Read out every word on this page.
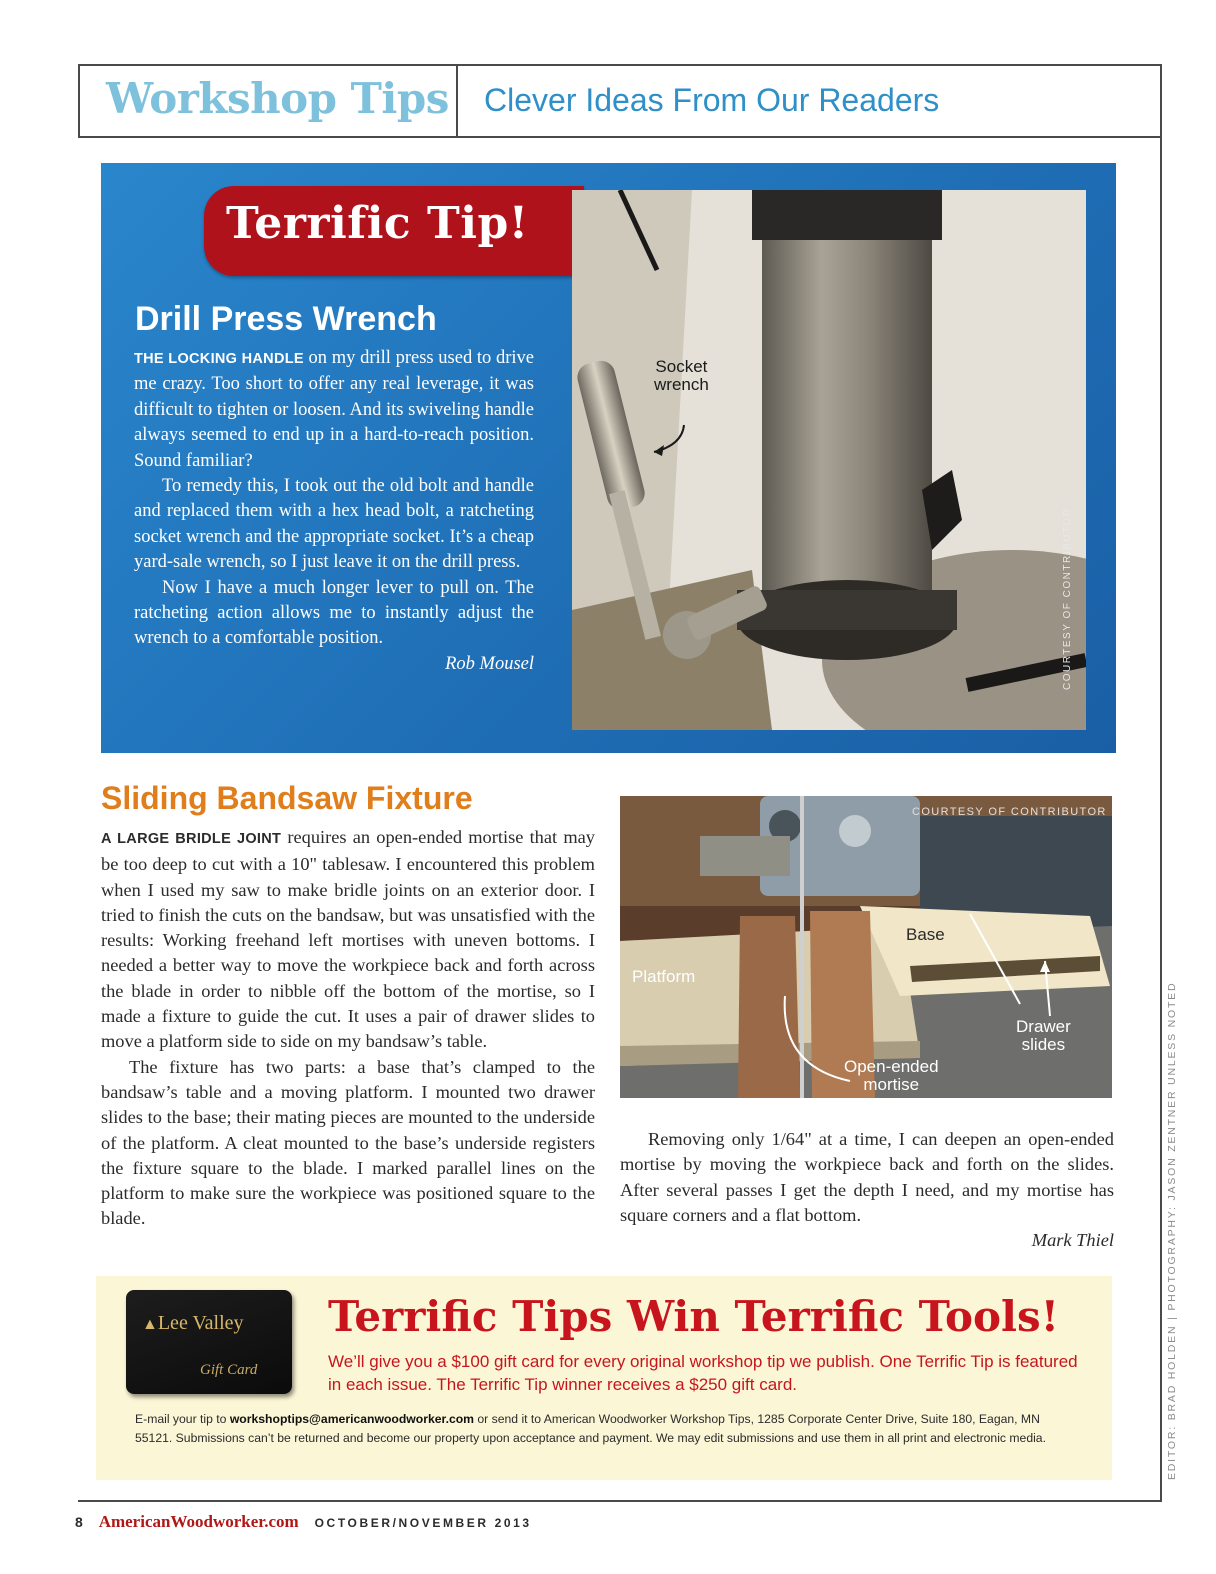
Workshop Tips Clever Ideas From Our Readers
Terrific Tip!
Drill Press Wrench

THE LOCKING HANDLE on my drill press used to drive me crazy. Too short to offer any real leverage, it was difficult to tighten or loosen. And its swiveling handle always seemed to end up in a hard-to-reach position. Sound familiar?

To remedy this, I took out the old bolt and handle and replaced them with a hex head bolt, a ratcheting socket wrench and the appropriate socket. It’s a cheap yard-sale wrench, so I just leave it on the drill press.

Now I have a much longer lever to pull on. The ratcheting action allows me to instantly adjust the wrench to a comfortable position.

Rob Mousel
Socket
wrench
COURTESY OF CONTRIBUTOR
Sliding Bandsaw Fixture

A LARGE BRIDLE JOINT requires an open-ended mortise that may be too deep to cut with a 10" tablesaw. I encountered this problem when I used my saw to make bridle joints on an exterior door. I tried to finish the cuts on the bandsaw, but was unsatisfied with the results: Working freehand left mortises with uneven bottoms. I needed a better way to move the workpiece back and forth across the blade in order to nibble off the bottom of the mortise, so I made a fixture to guide the cut. It uses a pair of drawer slides to move a platform side to side on my bandsaw’s table.

The fixture has two parts: a base that’s clamped to the bandsaw’s table and a moving platform. I mounted two drawer slides to the base; their mating pieces are mounted to the underside of the platform. A cleat mounted to the base’s underside registers the fixture square to the blade. I marked parallel lines on the platform to make sure the workpiece was positioned square to the blade.

Base
Platform
Drawer
slides
Open-ended
mortise
COURTESY OF CONTRIBUTOR

Removing only 1/64" at a time, I can deepen an open-ended mortise by moving the workpiece back and forth on the slides. After several passes I get the depth I need, and my mortise has square corners and a flat bottom.

Mark Thiel
▲Lee Valley
Gift Card
Terrific Tips Win Terrific Tools!
We’ll give you a $100 gift card for every original workshop tip we publish. One Terrific Tip is featured in each issue. The Terrific Tip winner receives a $250 gift card.
E-mail your tip to workshoptips@americanwoodworker.com or send it to American Woodworker Workshop Tips, 1285 Corporate Center Drive, Suite 180, Eagan, MN 55121. Submissions can’t be returned and become our property upon acceptance and payment. We may edit submissions and use them in all print and electronic media.
8 AmericanWoodworker.com OCTOBER/NOVEMBER 2013
EDITOR: BRAD HOLDEN | PHOTOGRAPHY: JASON ZENTNER UNLESS NOTED
